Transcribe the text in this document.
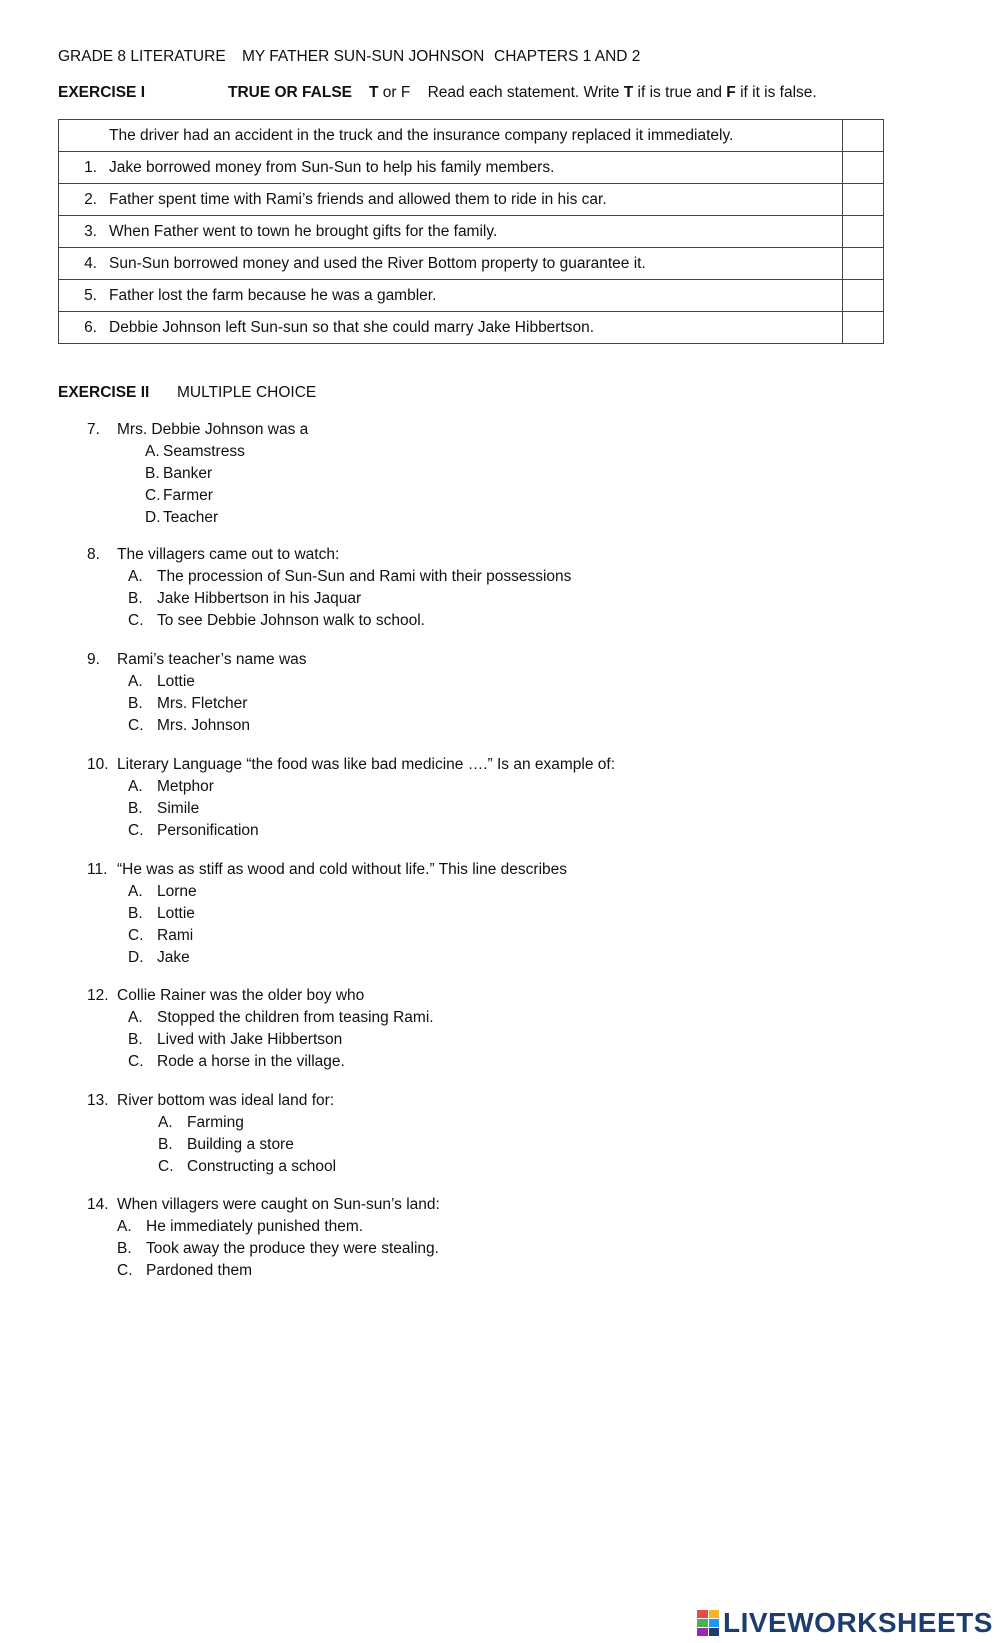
GRADE 8 LITERATURE MY FATHER SUN-SUN JOHNSON CHAPTERS 1 AND 2
EXERCISE I	TRUE OR FALSE T or F Read each statement. Write T if is true and F if it is false.
The driver had an accident in the truck and the insurance company replaced it immediately.	
1. Jake borrowed money from Sun-Sun to help his family members.	
2. Father spent time with Rami’s friends and allowed them to ride in his car.	
3. When Father went to town he brought gifts for the family.	
4. Sun-Sun borrowed money and used the River Bottom property to guarantee it.	
5. Father lost the farm because he was a gambler.	
6. Debbie Johnson left Sun-sun so that she could marry Jake Hibbertson.	
EXERCISE II MULTIPLE CHOICE
7. Mrs. Debbie Johnson was a
A. Seamstress
B. Banker
C. Farmer
D. Teacher
8. The villagers came out to watch:
A. The procession of Sun-Sun and Rami with their possessions
B. Jake Hibbertson in his Jaquar
C. To see Debbie Johnson walk to school.
9. Rami’s teacher’s name was
A. Lottie
B. Mrs. Fletcher
C. Mrs. Johnson
10. Literary Language “the food was like bad medicine ….” Is an example of:
A. Metphor
B. Simile
C. Personification
11. “He was as stiff as wood and cold without life.” This line describes
A. Lorne
B. Lottie
C. Rami
D. Jake
12. Collie Rainer was the older boy who
A. Stopped the children from teasing Rami.
B. Lived with Jake Hibbertson
C. Rode a horse in the village.
13. River bottom was ideal land for:
A. Farming
B. Building a store
C. Constructing a school
14. When villagers were caught on Sun-sun’s land:
A. He immediately punished them.
B. Took away the produce they were stealing.
C. Pardoned them
LIVEWORKSHEETS
